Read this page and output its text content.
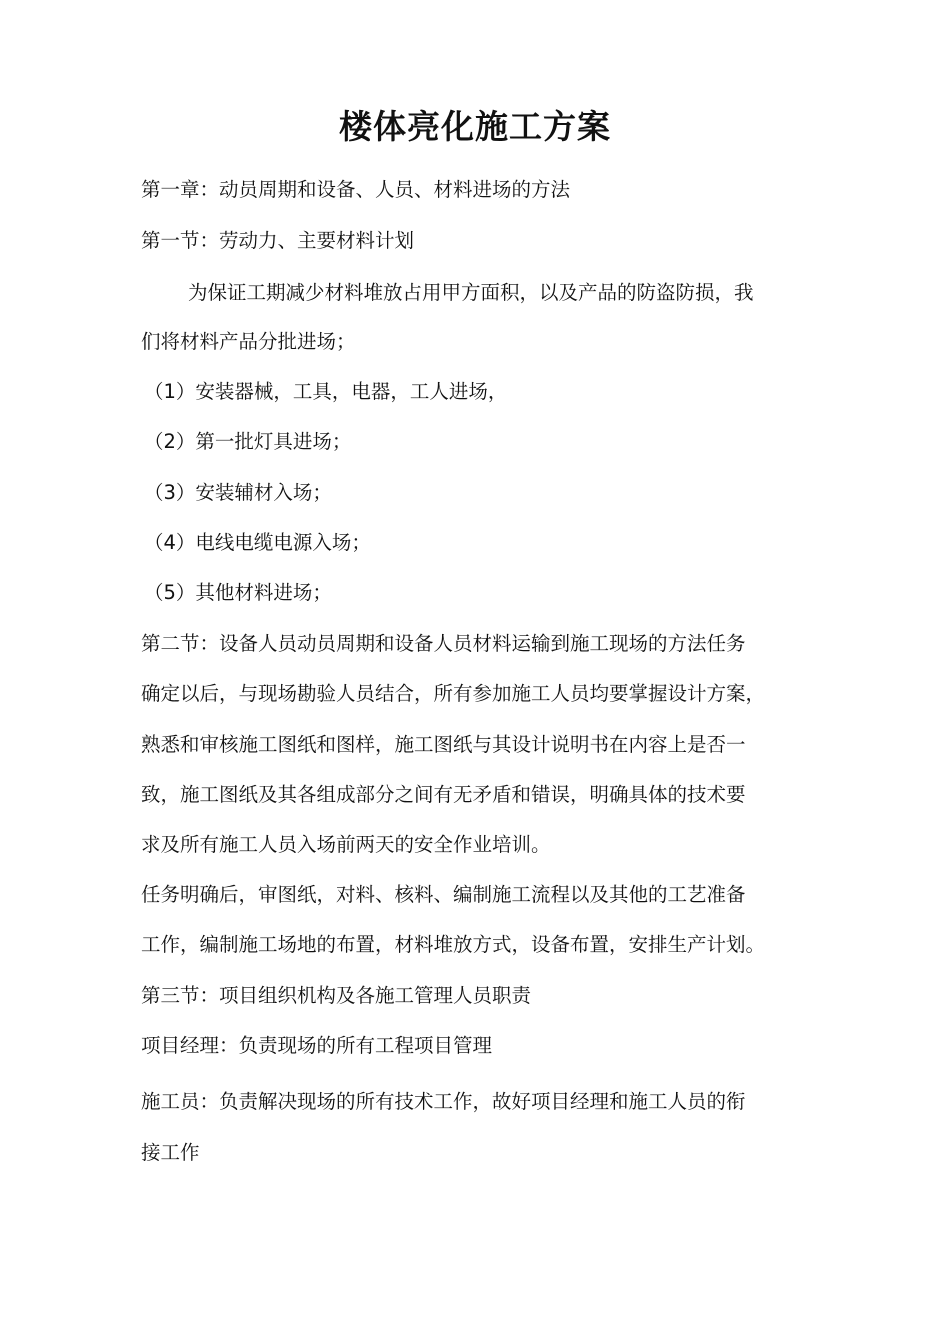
楼体亮化施工方案
第一章：动员周期和设备、人员、材料进场的方法
第一节：劳动力、主要材料计划
为保证工期减少材料堆放占用甲方面积，以及产品的防盗防损，我
们将材料产品分批进场；
（1）安装器械，工具，电器，工人进场，
（2）第一批灯具进场；
（3）安装辅材入场；
（4）电线电缆电源入场；
（5）其他材料进场；
第二节：设备人员动员周期和设备人员材料运输到施工现场的方法任务
确定以后，与现场勘验人员结合，所有参加施工人员均要掌握设计方案，
熟悉和审核施工图纸和图样，施工图纸与其设计说明书在内容上是否一
致，施工图纸及其各组成部分之间有无矛盾和错误，明确具体的技术要
求及所有施工人员入场前两天的安全作业培训。
任务明确后，审图纸，对料、核料、编制施工流程以及其他的工艺准备
工作，编制施工场地的布置，材料堆放方式，设备布置，安排生产计划。
第三节：项目组织机构及各施工管理人员职责
项目经理：负责现场的所有工程项目管理
施工员：负责解决现场的所有技术工作，故好项目经理和施工人员的衔
接工作
